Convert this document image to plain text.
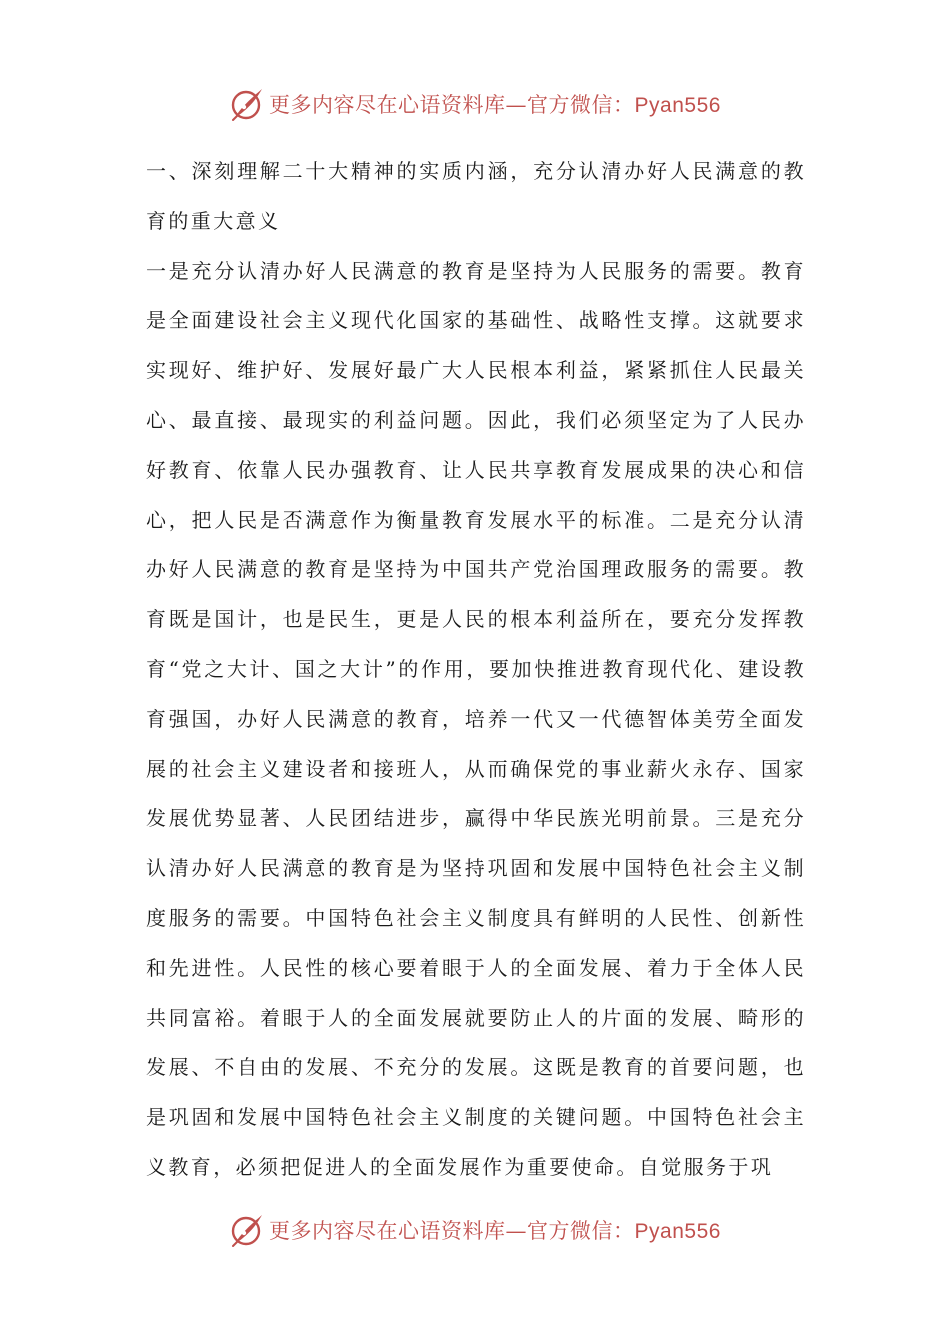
更多内容尽在心语资料库—官方微信：Pyan556

一、深刻理解二十大精神的实质内涵，充分认清办好人民满意的教育的重大意义

一是充分认清办好人民满意的教育是坚持为人民服务的需要。教育是全面建设社会主义现代化国家的基础性、战略性支撑。这就要求实现好、维护好、发展好最广大人民根本利益，紧紧抓住人民最关心、最直接、最现实的利益问题。因此，我们必须坚定为了人民办好教育、依靠人民办强教育、让人民共享教育发展成果的决心和信心，把人民是否满意作为衡量教育发展水平的标准。二是充分认清办好人民满意的教育是坚持为中国共产党治国理政服务的需要。教育既是国计，也是民生，更是人民的根本利益所在，要充分发挥教育“党之大计、国之大计”的作用，要加快推进教育现代化、建设教育强国，办好人民满意的教育，培养一代又一代德智体美劳全面发展的社会主义建设者和接班人，从而确保党的事业薪火永存、国家发展优势显著、人民团结进步，赢得中华民族光明前景。三是充分认清办好人民满意的教育是为坚持巩固和发展中国特色社会主义制度服务的需要。中国特色社会主义制度具有鲜明的人民性、创新性和先进性。人民性的核心要着眼于人的全面发展、着力于全体人民共同富裕。着眼于人的全面发展就要防止人的片面的发展、畸形的发展、不自由的发展、不充分的发展。这既是教育的首要问题，也是巩固和发展中国特色社会主义制度的关键问题。中国特色社会主义教育，必须把促进人的全面发展作为重要使命。自觉服务于巩

更多内容尽在心语资料库—官方微信：Pyan556
